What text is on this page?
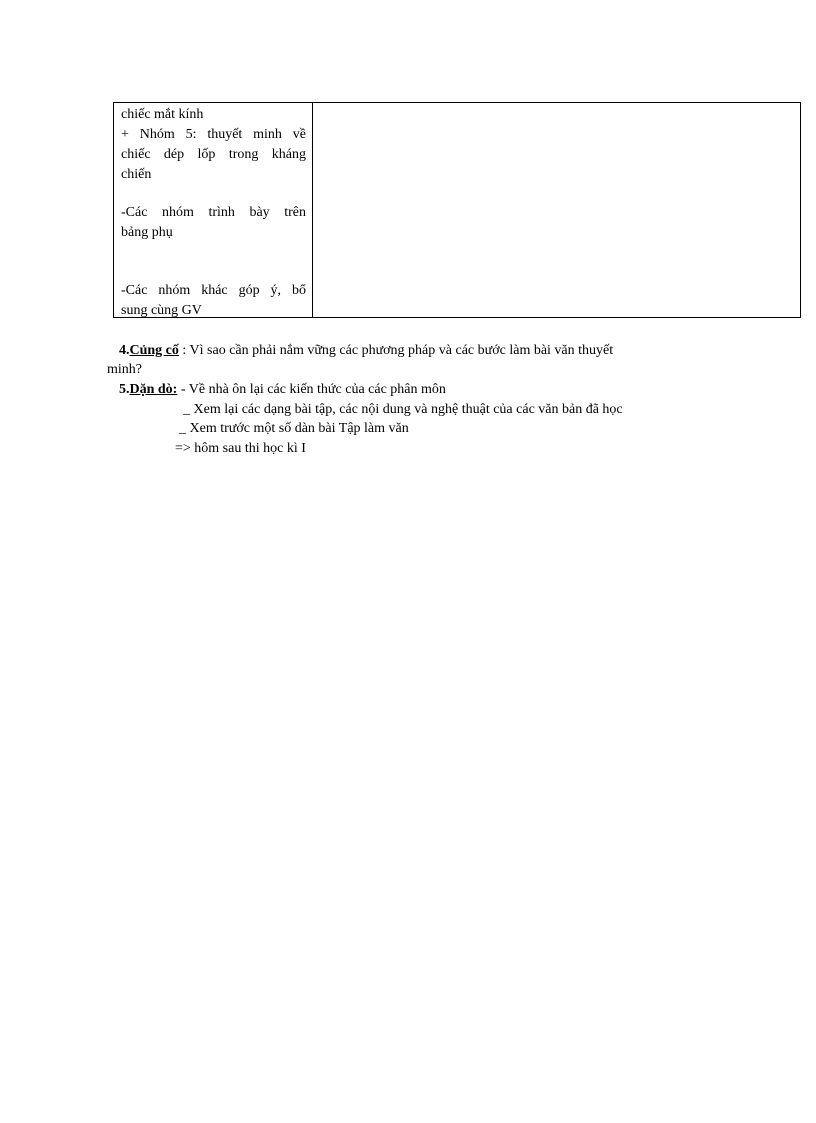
chiếc mắt kính
+ Nhóm 5: thuyết minh về
chiếc dép lốp trong kháng
chiến
-Các nhóm trình bày trên
bảng phụ
-Các nhóm khác góp ý, bổ
sung cùng GV
4.Củng cố : Vì sao cần phải nắm vững các phương pháp và các bước làm bài văn thuyết
minh?
5.Dặn dò: - Về nhà ôn lại các kiến thức của các phân môn
_ Xem lại các dạng bài tập, các nội dung và nghệ thuật của các văn bản đã học
_ Xem trước một số dàn bài Tập làm văn
=> hôm sau thi học kì I
